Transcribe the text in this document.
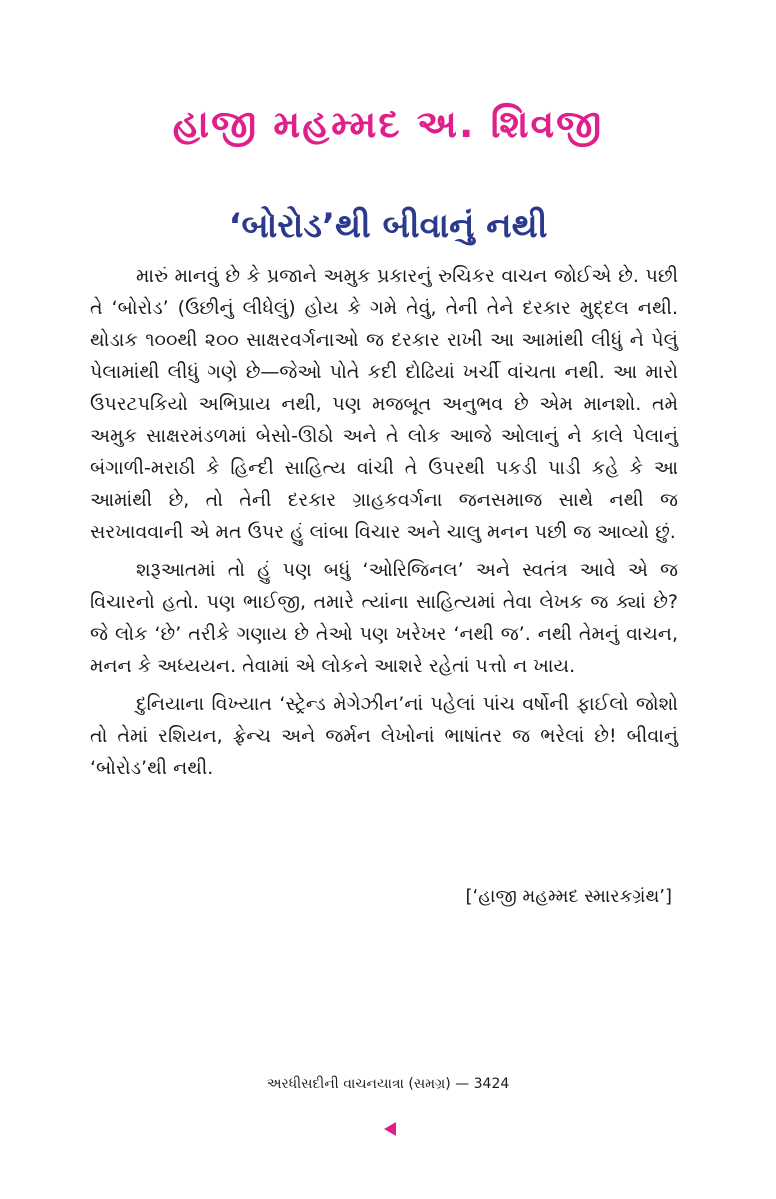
હાજી મહમ્મદ અ. શિવજી
‘બોરોડ’થી બીવાનું નથી

મારું માનવું છે કે પ્રજાને અમુક પ્રકારનું રુચિકર વાચન જોઈએ છે. પછી તે ‘બોરોડ’ (ઉછીનું લીધેલું) હોય કે ગમે તેવું, તેની તેને દરકાર મુદ્દલ નથી. થોડાક ૧૦૦થી ૨૦૦ સાક્ષરવર્ગનાઓ જ દરકાર રાખી આ આમાંથી લીધું ને પેલું પેલામાંથી લીધું ગણે છે—જેઓ પોતે કદી દોઢિયાં ખર્ચી વાંચતા નથી. આ મારો ઉપરટપકિયો અભિપ્રાય નથી, પણ મજબૂત અનુભવ છે એમ માનશો. તમે અમુક સાક્ષરમંડળમાં બેસો-ઊઠો અને તે લોક આજે ઓલાનું ને કાલે પેલાનું બંગાળી-મરાઠી કે હિન્દી સાહિત્ય વાંચી તે ઉપરથી પકડી પાડી કહે કે આ આમાંથી છે, તો તેની દરકાર ગ્રાહકવર્ગના જનસમાજ સાથે નથી જ સરખાવવાની એ મત ઉપર હું લાંબા વિચાર અને ચાલુ મનન પછી જ આવ્યો છું.

શરૂઆતમાં તો હું પણ બધું ‘ઓરિજિનલ’ અને સ્વતંત્ર આવે એ જ વિચારનો હતો. પણ ભાઈજી, તમારે ત્યાંના સાહિત્યમાં તેવા લેખક જ ક્યાં છે? જે લોક ‘છે’ તરીકે ગણાય છે તેઓ પણ ખરેખર ‘નથી જ’. નથી તેમનું વાચન, મનન કે અધ્યયન. તેવામાં એ લોકને આશરે રહેતાં પત્તો ન ખાય.

દુનિયાના વિખ્યાત ‘સ્ટ્રેન્ડ મેગેઝીન’નાં પહેલાં પાંચ વર્ષોની ફાઈલો જોશો તો તેમાં રશિયન, ફ્રેન્ચ અને જર્મન લેખોનાં ભાષાંતર જ ભરેલાં છે! બીવાનું ‘બોરોડ’થી નથી.

[‘હાજી મહમ્મદ સ્મારકગ્રંથ’]
અરધીસદીની વાચનયાત્રા (સમગ્ર) — 3424
